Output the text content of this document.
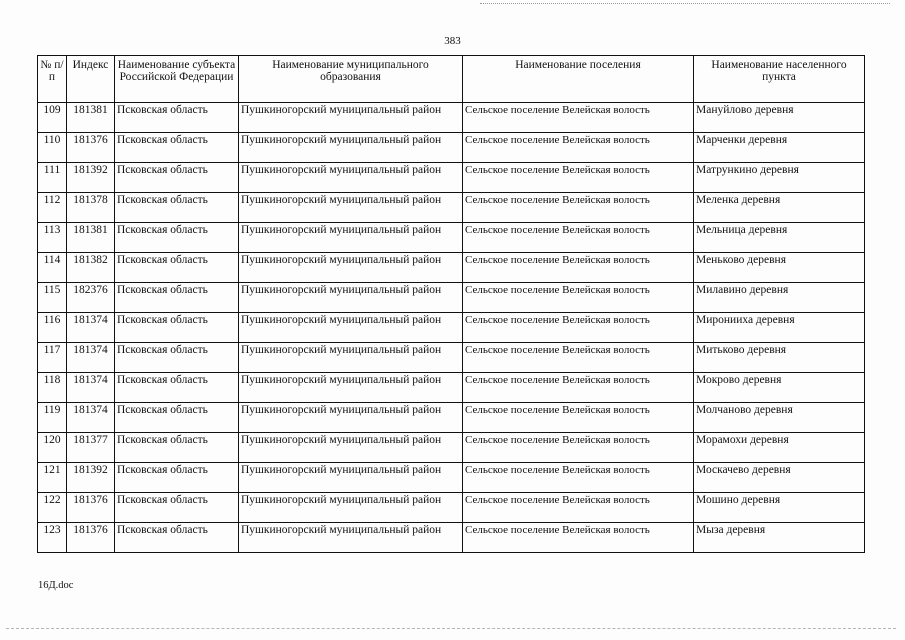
383
№ п/п	Индекс	Наименование субъекта Российской Федерации	Наименование муниципального образования	Наименование поселения	Наименование населенного пункта
109	181381	Псковская область	Пушкиногорский муниципальный район	Сельское поселение Велейская волость	Мануйлово деревня
110	181376	Псковская область	Пушкиногорский муниципальный район	Сельское поселение Велейская волость	Марченки деревня
111	181392	Псковская область	Пушкиногорский муниципальный район	Сельское поселение Велейская волость	Матрункино деревня
112	181378	Псковская область	Пушкиногорский муниципальный район	Сельское поселение Велейская волость	Меленка деревня
113	181381	Псковская область	Пушкиногорский муниципальный район	Сельское поселение Велейская волость	Мельница деревня
114	181382	Псковская область	Пушкиногорский муниципальный район	Сельское поселение Велейская волость	Меньково деревня
115	182376	Псковская область	Пушкиногорский муниципальный район	Сельское поселение Велейская волость	Милавино деревня
116	181374	Псковская область	Пушкиногорский муниципальный район	Сельское поселение Велейская волость	Миронииха деревня
117	181374	Псковская область	Пушкиногорский муниципальный район	Сельское поселение Велейская волость	Митьково деревня
118	181374	Псковская область	Пушкиногорский муниципальный район	Сельское поселение Велейская волость	Мокрово деревня
119	181374	Псковская область	Пушкиногорский муниципальный район	Сельское поселение Велейская волость	Молчаново деревня
120	181377	Псковская область	Пушкиногорский муниципальный район	Сельское поселение Велейская волость	Морамохи деревня
121	181392	Псковская область	Пушкиногорский муниципальный район	Сельское поселение Велейская волость	Москачево деревня
122	181376	Псковская область	Пушкиногорский муниципальный район	Сельское поселение Велейская волость	Мошино деревня
123	181376	Псковская область	Пушкиногорский муниципальный район	Сельское поселение Велейская волость	Мыза деревня
16Д.doc
